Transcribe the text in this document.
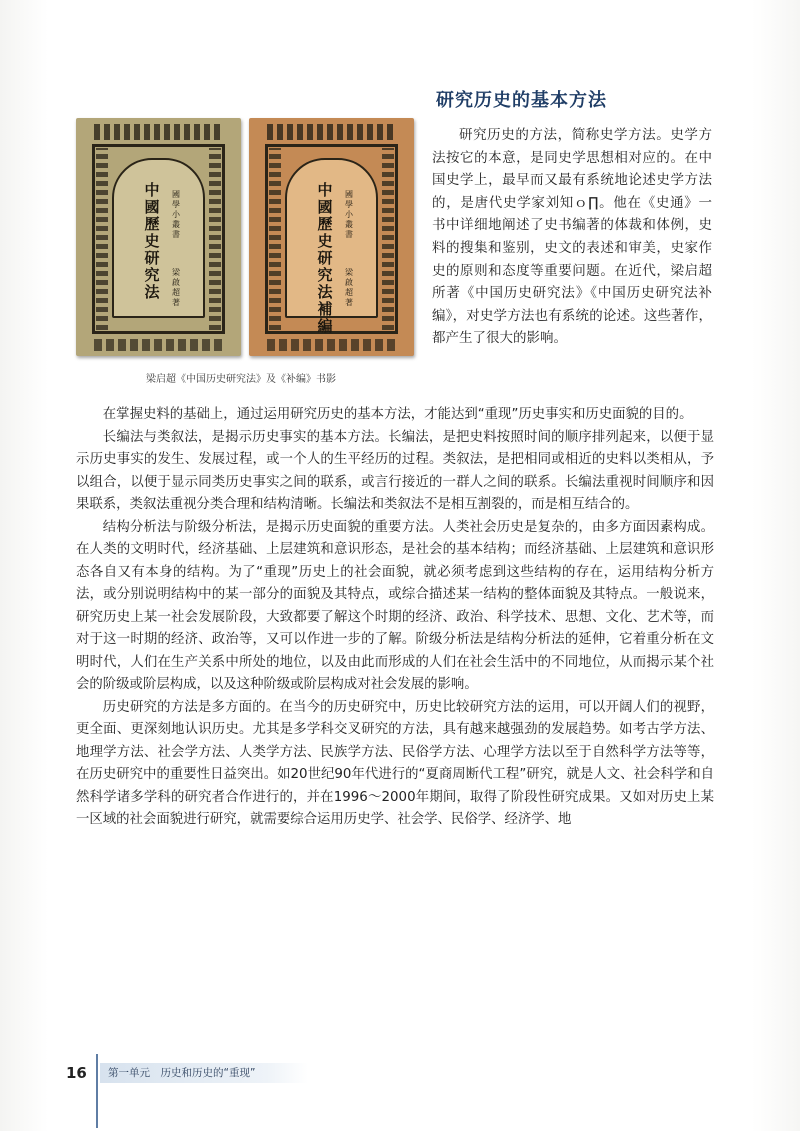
研究历史的基本方法
中國歷史研究法
國學小叢書
梁啟超著
中國歷史研究法補編
國學小叢書
梁啟超著
梁启超《中国历史研究法》及《补编》书影

研究历史的方法，简称史学方法。史学方法按它的本意，是同史学思想相对应的。在中国史学上，最早而又最有系统地论述史学方法的，是唐代史学家刘知ｏ∏。他在《史通》一书中详细地阐述了史书编著的体裁和体例，史料的搜集和鉴别，史文的表述和审美，史家作史的原则和态度等重要问题。在近代，梁启超所著《中国历史研究法》《中国历史研究法补编》，对史学方法也有系统的论述。这些著作，都产生了很大的影响。

在掌握史料的基础上，通过运用研究历史的基本方法，才能达到“重现”历史事实和历史面貌的目的。

长编法与类叙法，是揭示历史事实的基本方法。长编法，是把史料按照时间的顺序排列起来，以便于显示历史事实的发生、发展过程，或一个人的生平经历的过程。类叙法，是把相同或相近的史料以类相从，予以组合，以便于显示同类历史事实之间的联系，或言行接近的一群人之间的联系。长编法重视时间顺序和因果联系，类叙法重视分类合理和结构清晰。长编法和类叙法不是相互割裂的，而是相互结合的。

结构分析法与阶级分析法，是揭示历史面貌的重要方法。人类社会历史是复杂的，由多方面因素构成。在人类的文明时代，经济基础、上层建筑和意识形态，是社会的基本结构；而经济基础、上层建筑和意识形态各自又有本身的结构。为了“重现”历史上的社会面貌，就必须考虑到这些结构的存在，运用结构分析方法，或分别说明结构中的某一部分的面貌及其特点，或综合描述某一结构的整体面貌及其特点。一般说来，研究历史上某一社会发展阶段，大致都要了解这个时期的经济、政治、科学技术、思想、文化、艺术等，而对于这一时期的经济、政治等，又可以作进一步的了解。阶级分析法是结构分析法的延伸，它着重分析在文明时代，人们在生产关系中所处的地位，以及由此而形成的人们在社会生活中的不同地位，从而揭示某个社会的阶级或阶层构成，以及这种阶级或阶层构成对社会发展的影响。

历史研究的方法是多方面的。在当今的历史研究中，历史比较研究方法的运用，可以开阔人们的视野，更全面、更深刻地认识历史。尤其是多学科交叉研究的方法，具有越来越强劲的发展趋势。如考古学方法、地理学方法、社会学方法、人类学方法、民族学方法、民俗学方法、心理学方法以至于自然科学方法等等，在历史研究中的重要性日益突出。如20世纪90年代进行的“夏商周断代工程”研究，就是人文、社会科学和自然科学诸多学科的研究者合作进行的，并在1996～2000年期间，取得了阶段性研究成果。又如对历史上某一区域的社会面貌进行研究，就需要综合运用历史学、社会学、民俗学、经济学、地

16	第一单元　历史和历史的“重现”
